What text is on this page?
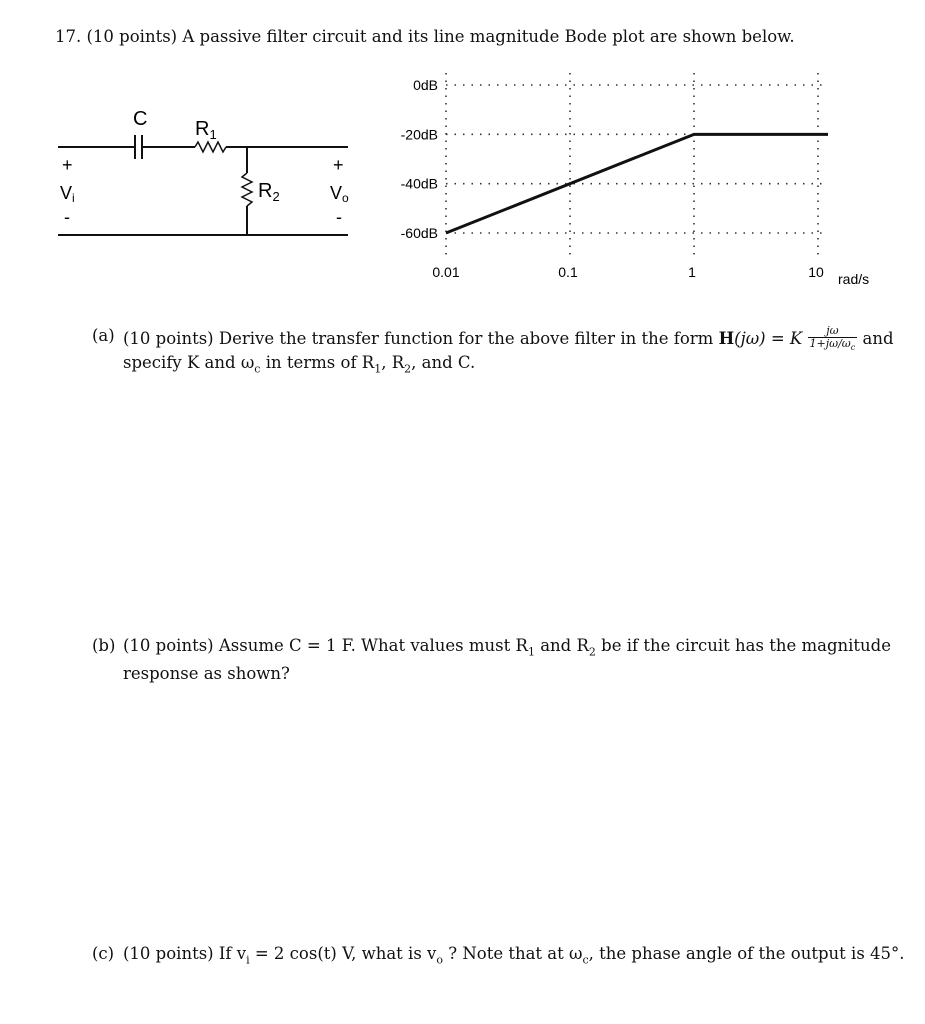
17. (10 points) A passive filter circuit and its line magnitude Bode plot are shown below.
C $R_1$
$R_2$
+
Vi
-
+
Vo
-
0dB
-20dB
-40dB
-60dB
0.01	0.1	1	10 rad/s
(a) (10 points) Derive the transfer function for the above filter in the form H(jω) = K $\frac{j\omega}{1+j\omega/\omega_c}$ and
specify K and $\omega_c$ in terms of $R_1$, $R_2$, and C.
(b) (10 points) Assume C = 1 F. What values must $R_1$ and $R_2$ be if the circuit has the magnitude
response as shown?
(c) (10 points) If $v_i = 2$ cos(t) V, what is $v_o$ ? Note that at $\omega_c$, the phase angle of the output is 45°.
